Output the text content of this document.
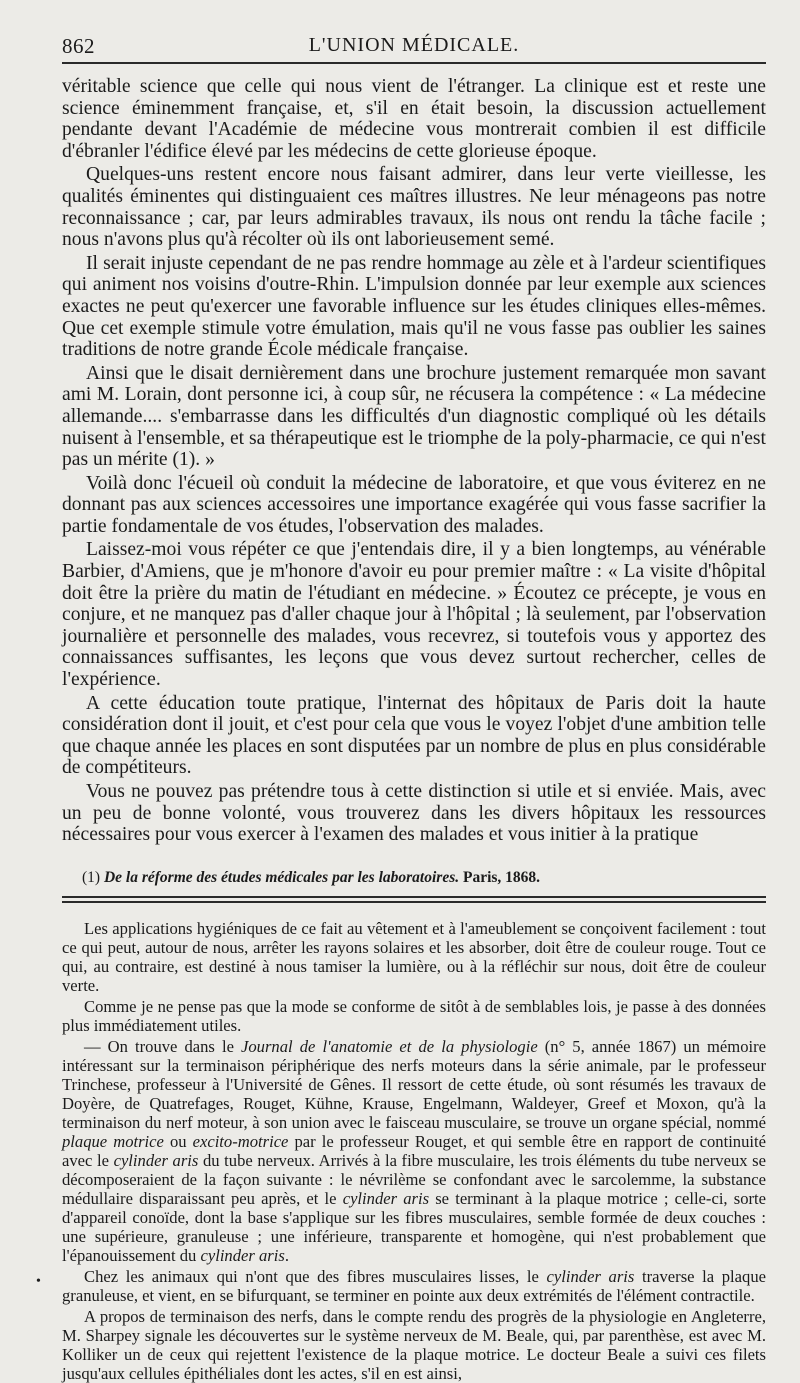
862	L'UNION MÉDICALE.

véritable science que celle qui nous vient de l'étranger. La clinique est et reste une science éminemment française, et, s'il en était besoin, la discussion actuellement pendante devant l'Académie de médecine vous montrerait combien il est difficile d'ébranler l'édifice élevé par les médecins de cette glorieuse époque.

Quelques-uns restent encore nous faisant admirer, dans leur verte vieillesse, les qualités éminentes qui distinguaient ces maîtres illustres. Ne leur ménageons pas notre reconnaissance ; car, par leurs admirables travaux, ils nous ont rendu la tâche facile ; nous n'avons plus qu'à récolter où ils ont laborieusement semé.

Il serait injuste cependant de ne pas rendre hommage au zèle et à l'ardeur scientifiques qui animent nos voisins d'outre-Rhin. L'impulsion donnée par leur exemple aux sciences exactes ne peut qu'exercer une favorable influence sur les études cliniques elles-mêmes. Que cet exemple stimule votre émulation, mais qu'il ne vous fasse pas oublier les saines traditions de notre grande École médicale française.

Ainsi que le disait dernièrement dans une brochure justement remarquée mon savant ami M. Lorain, dont personne ici, à coup sûr, ne récusera la compétence : « La médecine allemande.... s'embarrasse dans les difficultés d'un diagnostic compliqué où les détails nuisent à l'ensemble, et sa thérapeutique est le triomphe de la poly-pharmacie, ce qui n'est pas un mérite (1). »

Voilà donc l'écueil où conduit la médecine de laboratoire, et que vous éviterez en ne donnant pas aux sciences accessoires une importance exagérée qui vous fasse sacrifier la partie fondamentale de vos études, l'observation des malades.

Laissez-moi vous répéter ce que j'entendais dire, il y a bien longtemps, au vénérable Barbier, d'Amiens, que je m'honore d'avoir eu pour premier maître : « La visite d'hôpital doit être la prière du matin de l'étudiant en médecine. » Écoutez ce précepte, je vous en conjure, et ne manquez pas d'aller chaque jour à l'hôpital ; là seulement, par l'observation journalière et personnelle des malades, vous recevrez, si toutefois vous y apportez des connaissances suffisantes, les leçons que vous devez surtout rechercher, celles de l'expérience.

A cette éducation toute pratique, l'internat des hôpitaux de Paris doit la haute considération dont il jouit, et c'est pour cela que vous le voyez l'objet d'une ambition telle que chaque année les places en sont disputées par un nombre de plus en plus considérable de compétiteurs.

Vous ne pouvez pas prétendre tous à cette distinction si utile et si enviée. Mais, avec un peu de bonne volonté, vous trouverez dans les divers hôpitaux les ressources nécessaires pour vous exercer à l'examen des malades et vous initier à la pratique

(1) De la réforme des études médicales par les laboratoires. Paris, 1868.

Les applications hygiéniques de ce fait au vêtement et à l'ameublement se conçoivent facilement : tout ce qui peut, autour de nous, arrêter les rayons solaires et les absorber, doit être de couleur rouge. Tout ce qui, au contraire, est destiné à nous tamiser la lumière, ou à la réfléchir sur nous, doit être de couleur verte.

Comme je ne pense pas que la mode se conforme de sitôt à de semblables lois, je passe à des données plus immédiatement utiles.

— On trouve dans le Journal de l'anatomie et de la physiologie (n° 5, année 1867) un mémoire intéressant sur la terminaison périphérique des nerfs moteurs dans la série animale, par le professeur Trinchese, professeur à l'Université de Gênes. Il ressort de cette étude, où sont résumés les travaux de Doyère, de Quatrefages, Rouget, Kühne, Krause, Engelmann, Waldeyer, Greef et Moxon, qu'à la terminaison du nerf moteur, à son union avec le faisceau musculaire, se trouve un organe spécial, nommé plaque motrice ou excito-motrice par le professeur Rouget, et qui semble être en rapport de continuité avec le cylinder aris du tube nerveux. Arrivés à la fibre musculaire, les trois éléments du tube nerveux se décomposeraient de la façon suivante : le névrilème se confondant avec le sarcolemme, la substance médullaire disparaissant peu après, et le cylinder aris se terminant à la plaque motrice ; celle-ci, sorte d'appareil conoïde, dont la base s'applique sur les fibres musculaires, semble formée de deux couches : une supérieure, granuleuse ; une inférieure, transparente et homogène, qui n'est probablement que l'épanouissement du cylinder aris.

Chez les animaux qui n'ont que des fibres musculaires lisses, le cylinder aris traverse la plaque granuleuse, et vient, en se bifurquant, se terminer en pointe aux deux extrémités de l'élément contractile.

A propos de terminaison des nerfs, dans le compte rendu des progrès de la physiologie en Angleterre, M. Sharpey signale les découvertes sur le système nerveux de M. Beale, qui, par parenthèse, est avec M. Kolliker un de ceux qui rejettent l'existence de la plaque motrice. Le docteur Beale a suivi ces filets jusqu'aux cellules épithéliales dont les actes, s'il en est ainsi,

•
